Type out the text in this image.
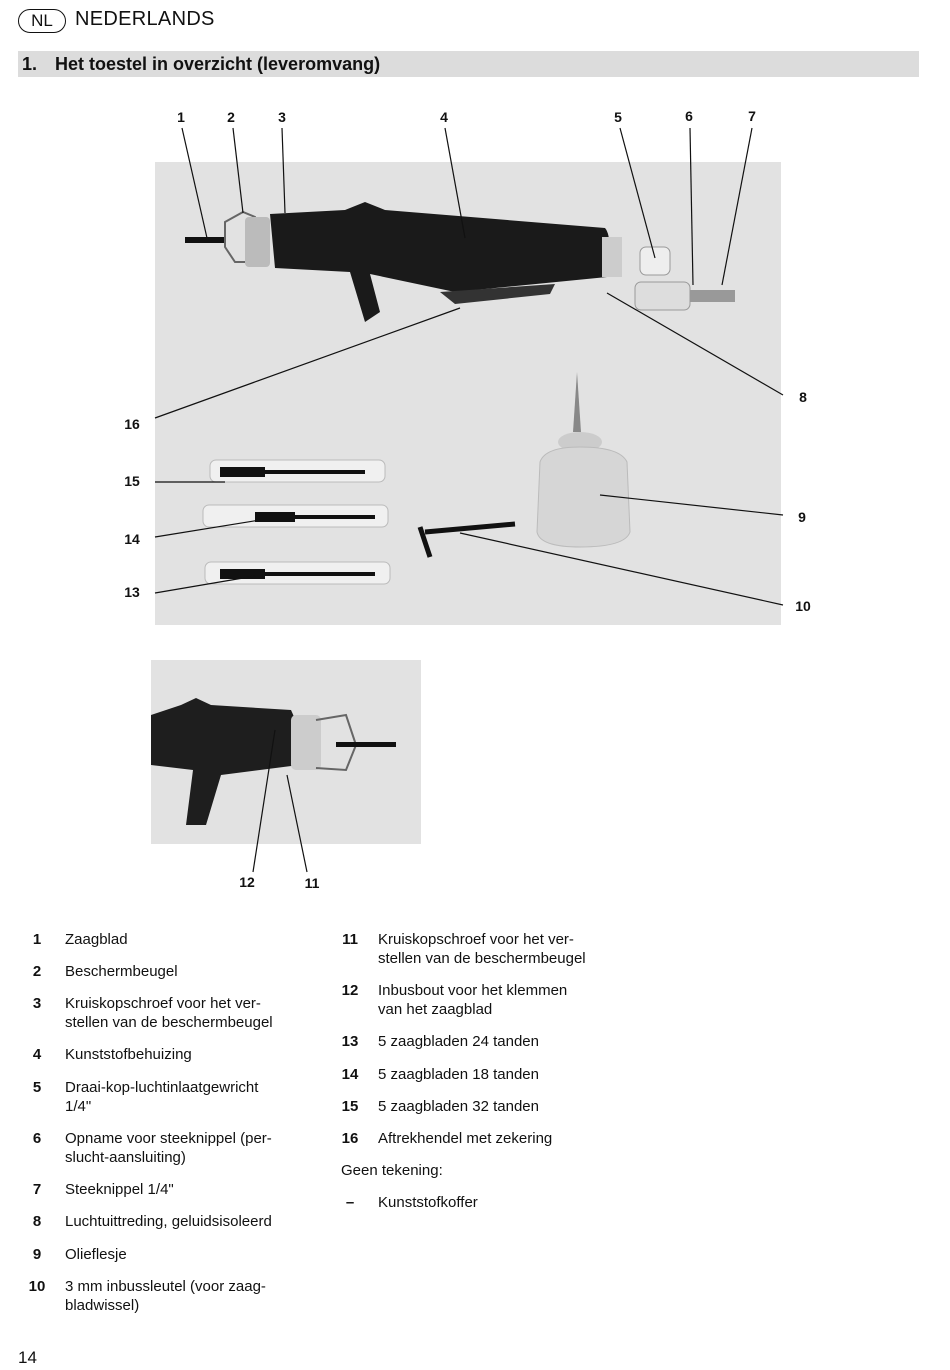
NL	NEDERLANDS
1. Het toestel in overzicht (leveromvang)
1	2	3	4	5	6	7
8
9
10
11
12
13
14
15
16
1	Zaagblad
2	Beschermbeugel
3	Kruiskopschroef voor het ver-
stellen van de beschermbeugel
4	Kunststofbehuizing
5	Draai-kop-luchtinlaatgewricht
1/4"
6	Opname voor steeknippel (per-
slucht-aansluiting)
7	Steeknippel 1/4"
8	Luchtuittreding, geluidsisoleerd
9	Olieflesje
10	3 mm inbussleutel (voor zaag-
bladwissel)
11	Kruiskopschroef voor het ver-
stellen van de beschermbeugel
12	Inbusbout voor het klemmen
van het zaagblad
13	5 zaagbladen 24 tanden
14	5 zaagbladen 18 tanden
15	5 zaagbladen 32 tanden
16	Aftrekhendel met zekering
Geen tekening:
–	Kunststofkoffer
14
